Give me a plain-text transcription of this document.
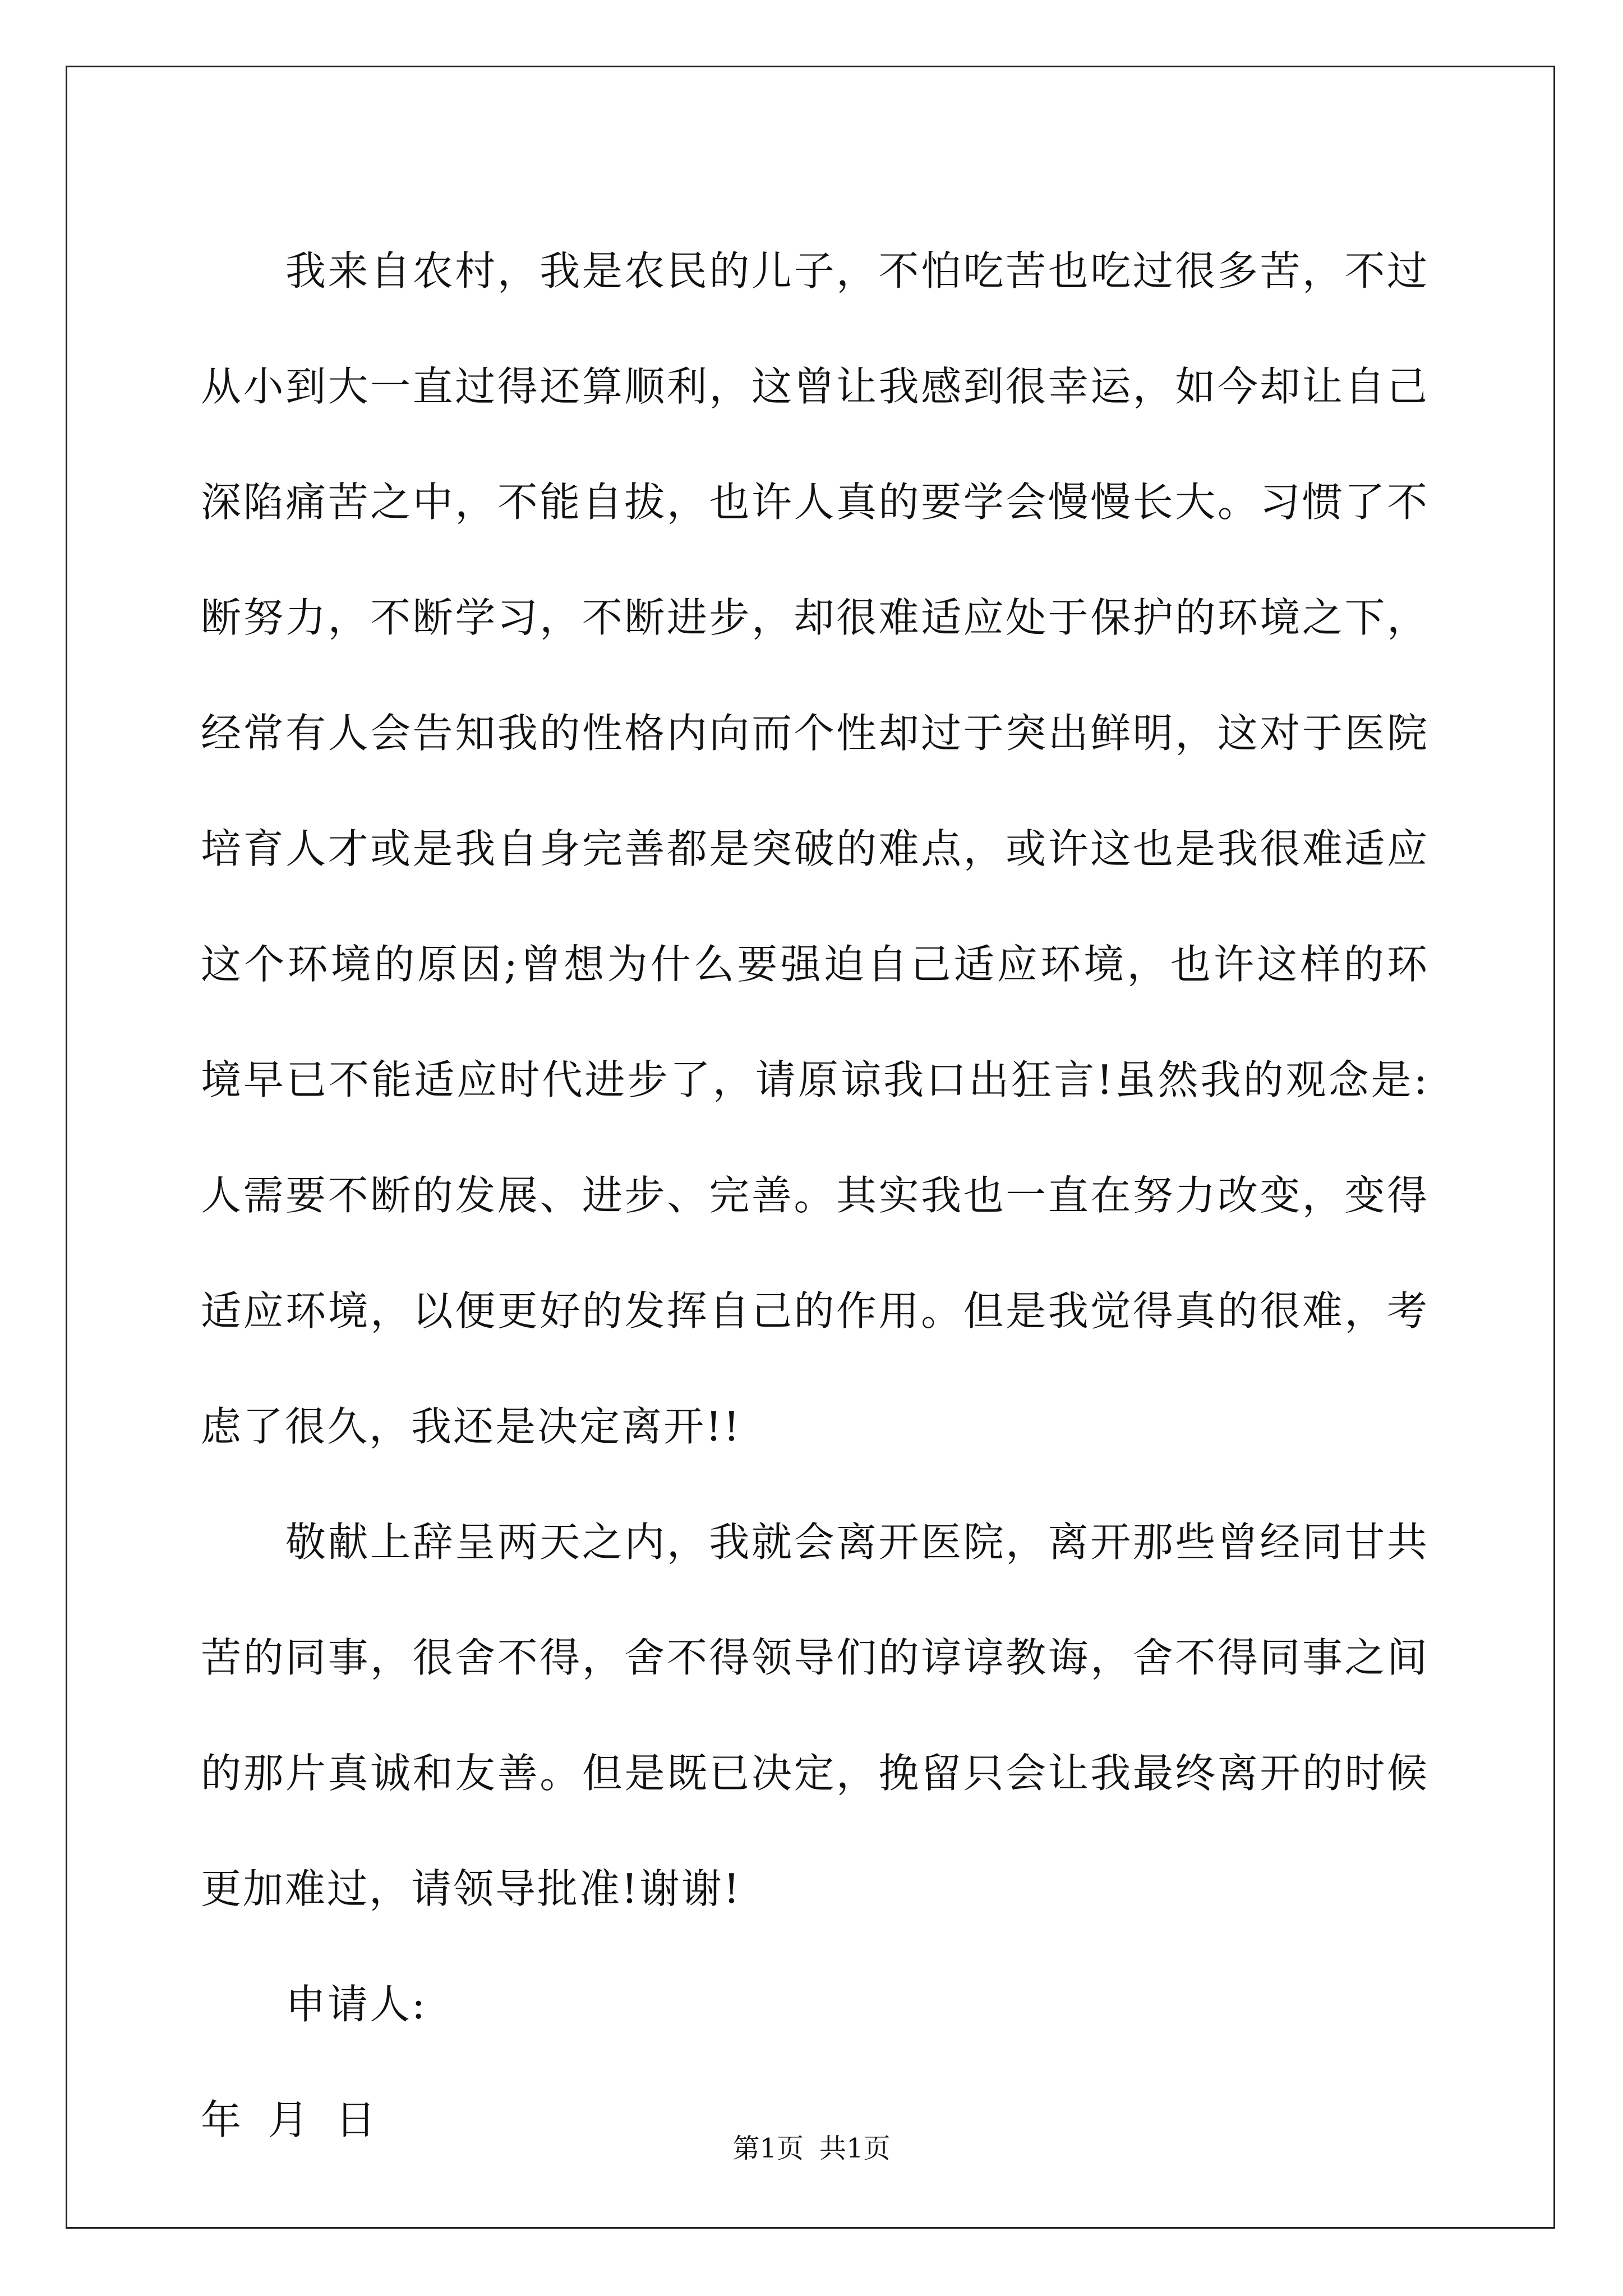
我来自农村，我是农民的儿子，不怕吃苦也吃过很多苦，不过从小到大一直过得还算顺利，这曾让我感到很幸运，如今却让自己深陷痛苦之中，不能自拔，也许人真的要学会慢慢长大。习惯了不断努力，不断学习，不断进步，却很难适应处于保护的环境之下，经常有人会告知我的性格内向而个性却过于突出鲜明，这对于医院培育人才或是我自身完善都是突破的难点，或许这也是我很难适应这个环境的原因;曾想为什么要强迫自己适应环境，也许这样的环境早已不能适应时代进步了，请原谅我口出狂言!虽然我的观念是:人需要不断的发展、进步、完善。其实我也一直在努力改变，变得适应环境，以便更好的发挥自己的作用。但是我觉得真的很难，考虑了很久，我还是决定离开!!

敬献上辞呈两天之内，我就会离开医院，离开那些曾经同甘共苦的同事，很舍不得，舍不得领导们的谆谆教诲，舍不得同事之间的那片真诚和友善。但是既已决定，挽留只会让我最终离开的时候更加难过，请领导批准!谢谢!

申请人:

年 月 日

第1页 共1页
